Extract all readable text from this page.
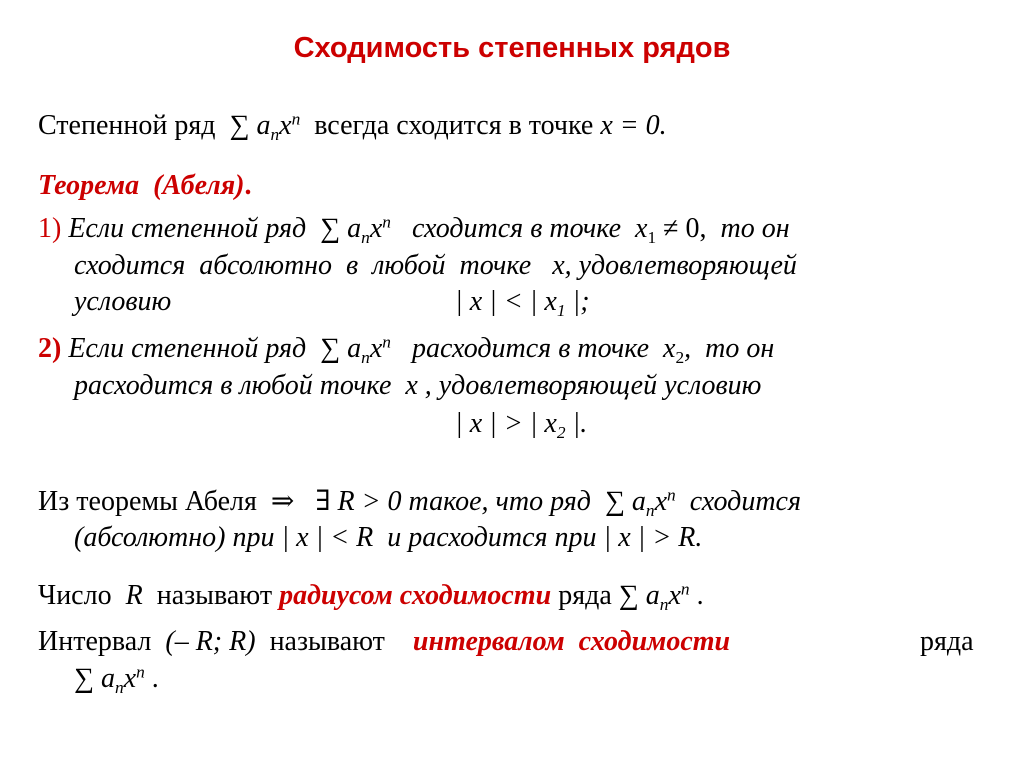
Сходимость степенных рядов
Степенной ряд ∑ $a_nx^n$ всегда сходится в точке x = 0.
Теорема  (Абеля).
1) Если степенной ряд ∑ $a_nx^n$ сходится в точке $x_1 \ne 0$, то он
сходится  абсолютно  в  любой  точке x, удовлетворяющей
условию	| x | < | $x_1$ |;
2) Если степенной ряд ∑ $a_nx^n$ расходится в точке $x_2$,  то он
расходится в любой точке  x , удовлетворяющей условию
| x | > | $x_2$ |.
Из теоремы Абеля ⇒ ∃ R > 0 такое, что ряд ∑ $a_nx^n$ сходится
(абсолютно) при | x | < R  и расходится при | x | > R.
Число R называют радиусом сходимости ряда ∑ $a_nx^n$ .
Интервал (– R; R) называют интервалом  сходимости	ряда
∑ $a_nx^n$ .
